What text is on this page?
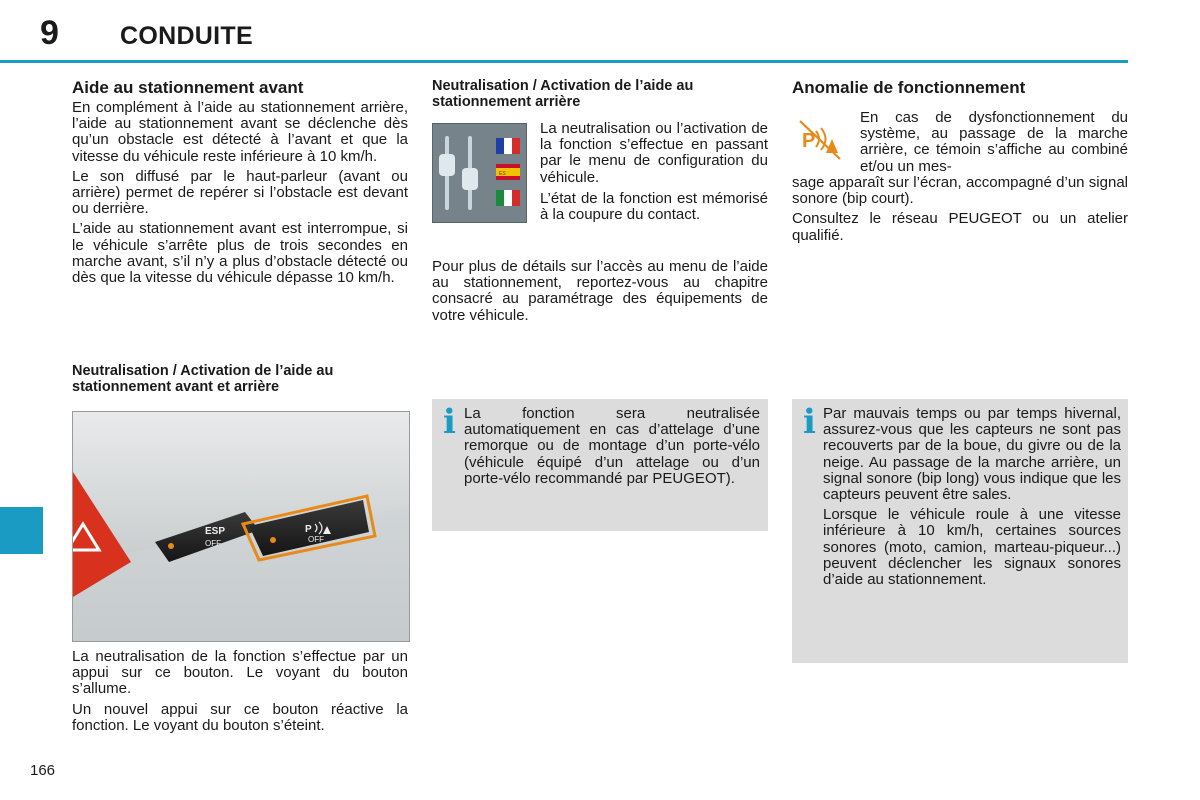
9 CONDUITE
Aide au stationnement avant

En complément à l’aide au stationnement arrière, l’aide au stationnement avant se déclenche dès qu’un obstacle est détecté à l’avant et que la vitesse du véhicule reste inférieure à 10 km/h.

Le son diffusé par le haut-parleur (avant ou arrière) permet de repérer si l’obstacle est devant ou derrière.

L’aide au stationnement avant est interrompue, si le véhicule s’arrête plus de trois secondes en marche avant, s’il n’y a plus d’obstacle détecté ou dès que la vitesse du véhicule dépasse 10 km/h.

Neutralisation / Activation de l’aide au stationnement avant et arrière
ESP
OFF
P
OFF

La neutralisation de la fonction s’effectue par un appui sur ce bouton. Le voyant du bouton s’allume.

Un nouvel appui sur ce bouton réactive la fonction. Le voyant du bouton s’éteint.

Neutralisation / Activation de l’aide au stationnement arrière
ES

La neutralisation ou l’activation de la fonction s’effectue en passant par le menu de configuration du véhicule.

L’état de la fonction est mémorisé à la coupure du contact.

Pour plus de détails sur l’accès au menu de l’aide au stationnement, reportez-vous au chapitre consacré au paramétrage des équipements de votre véhicule.

i La fonction sera neutralisée automatiquement en cas d’attelage d’une remorque ou de montage d’un porte-vélo (véhicule équipé d’un attelage ou d’un porte-vélo recommandé par PEUGEOT).

Anomalie de fonctionnement
P

En cas de dysfonctionnement du système, au passage de la marche arrière, ce témoin s’affiche au combiné et/ou un mes-

sage apparaît sur l’écran, accompagné d’un signal sonore (bip court).

Consultez le réseau PEUGEOT ou un atelier qualifié.

i Par mauvais temps ou par temps hivernal, assurez-vous que les capteurs ne sont pas recouverts par de la boue, du givre ou de la neige. Au passage de la marche arrière, un signal sonore (bip long) vous indique que les capteurs peuvent être sales.

Lorsque le véhicule roule à une vitesse inférieure à 10 km/h, certaines sources sonores (moto, camion, marteau-piqueur...) peuvent déclencher les signaux sonores d’aide au stationnement.

166
